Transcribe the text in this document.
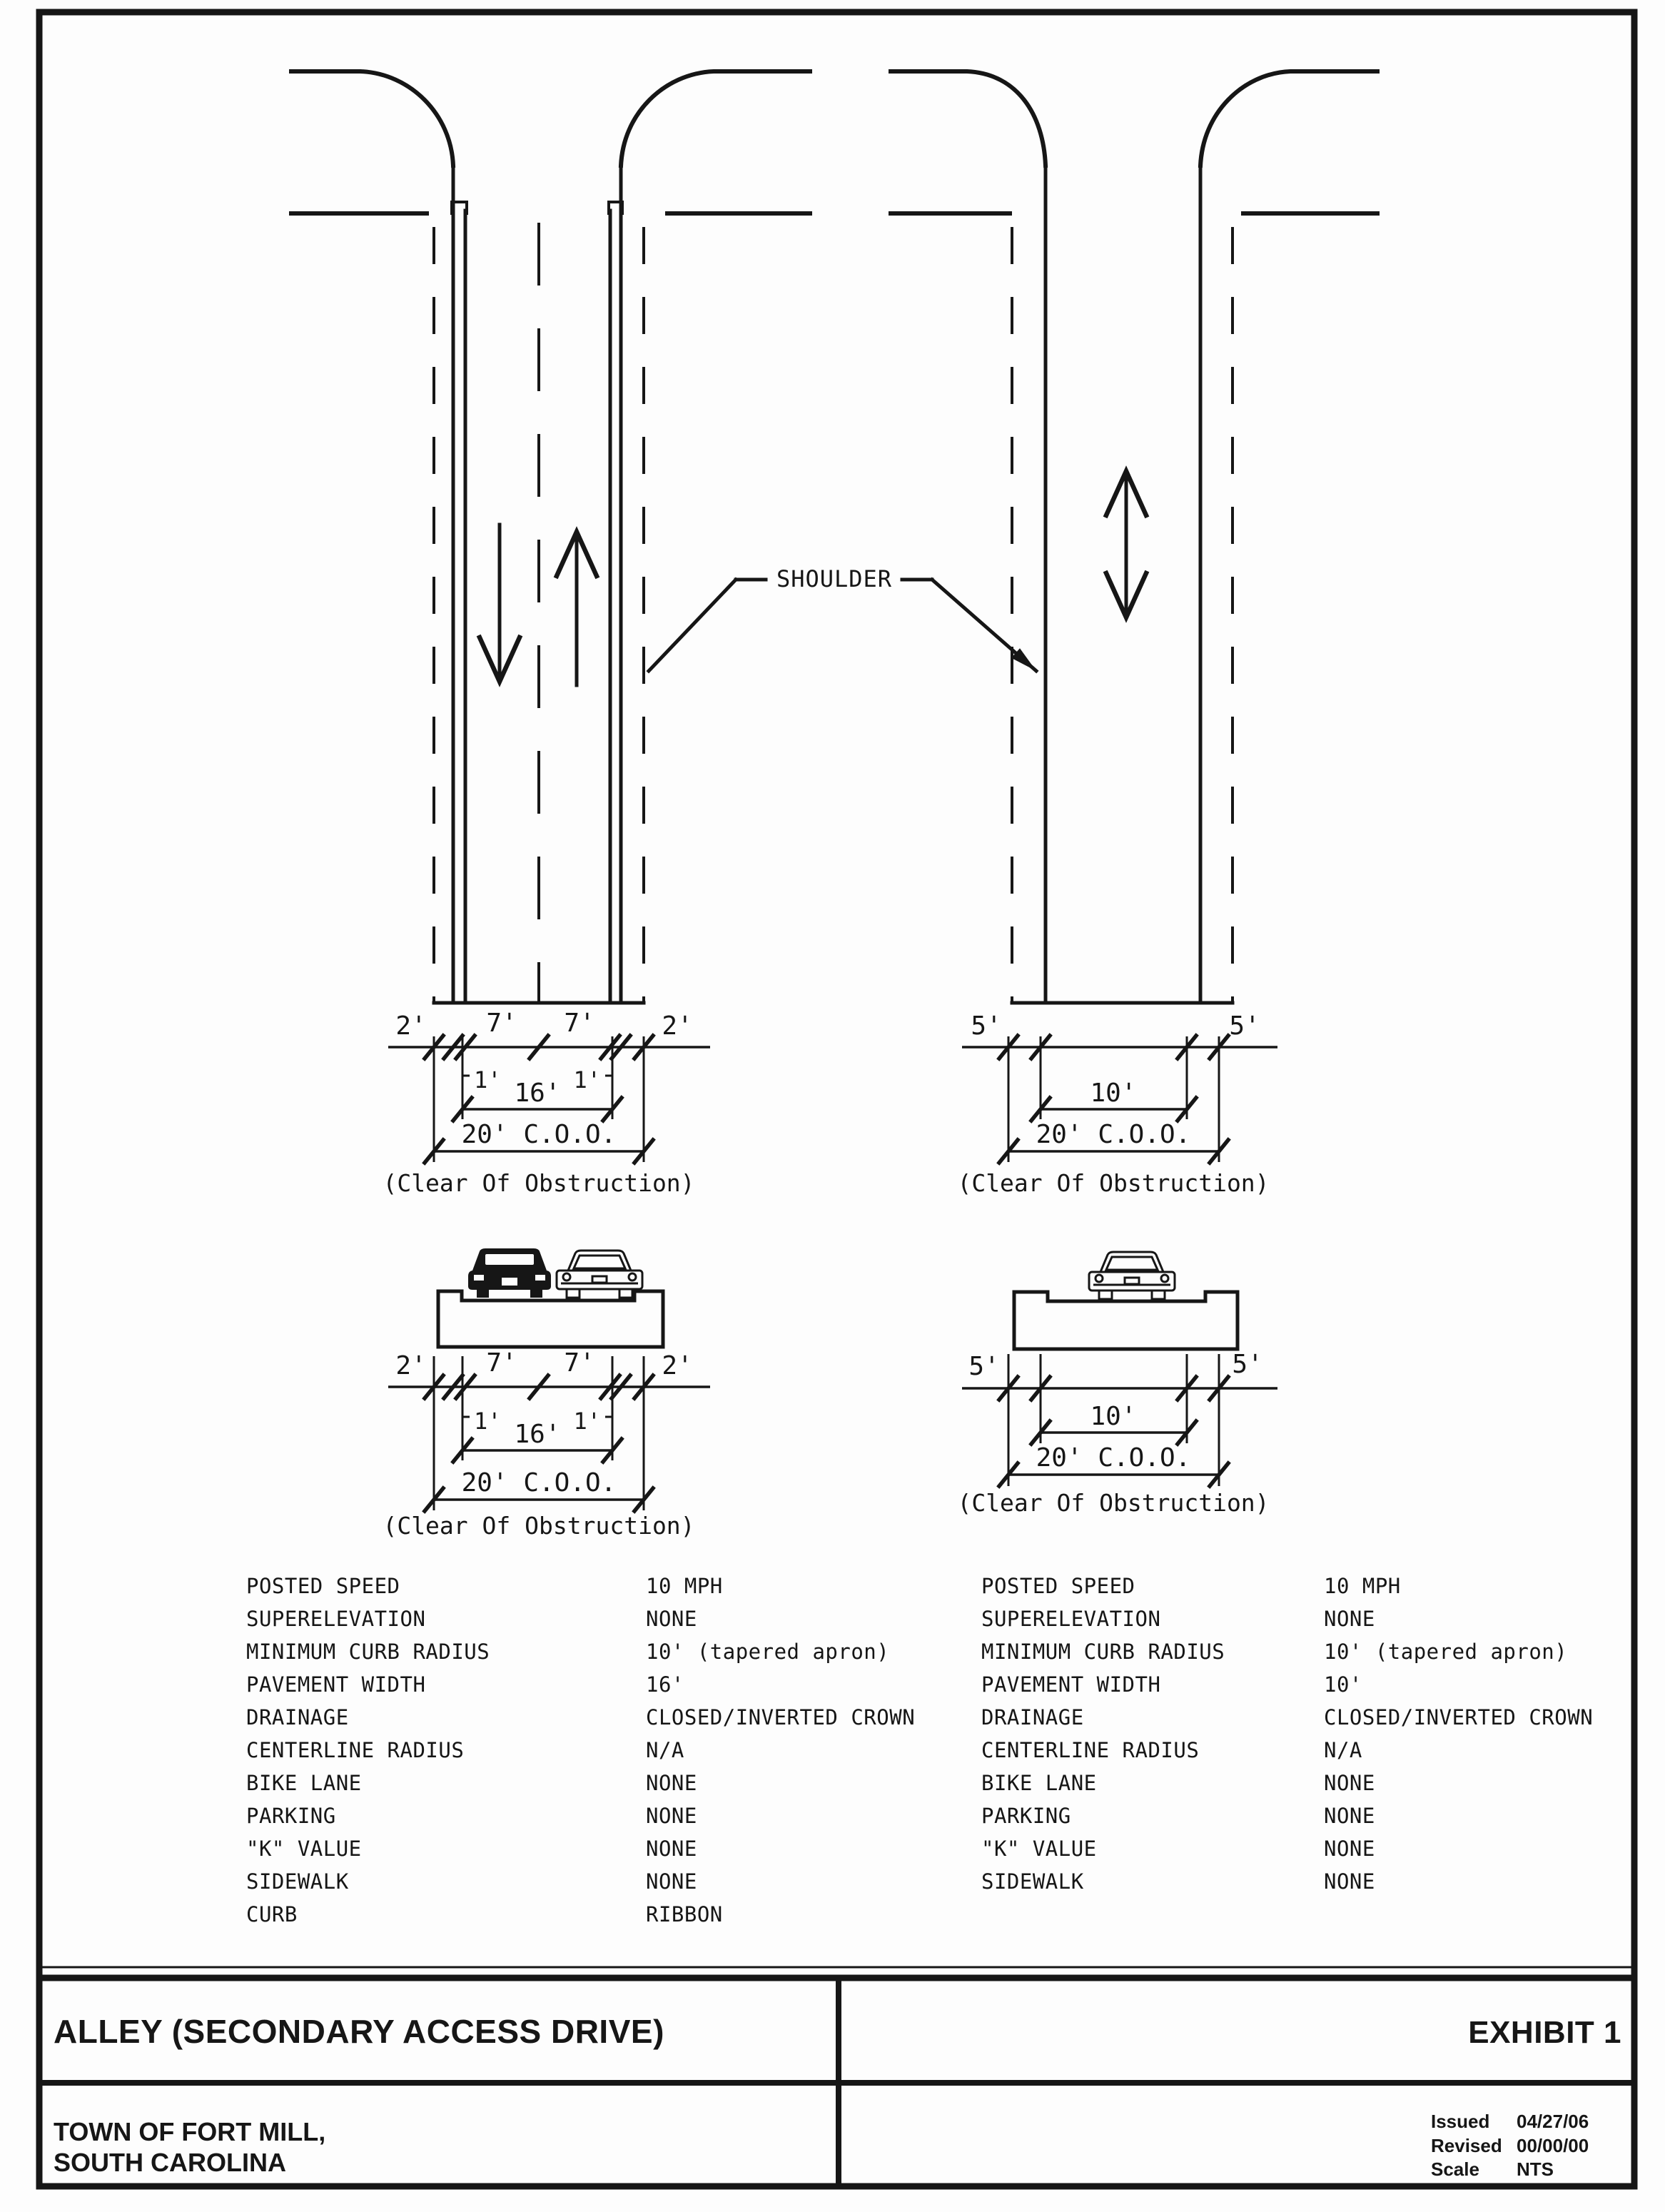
SHOULDER
2' 7' 7'	2'
1'	1'
16'
20' C.O.O.
(Clear Of Obstruction)
5'	5'
10'
20' C.O.O.
(Clear Of Obstruction)
2' 7' 7'	2'
1'	1'
16'
20' C.O.O.
(Clear Of Obstruction)
5'	5'
10'
20' C.O.O.
(Clear Of Obstruction)
POSTED SPEED	10 MPH
SUPERELEVATION	NONE
MINIMUM CURB RADIUS	10' (tapered apron)
PAVEMENT WIDTH	16'
DRAINAGE	CLOSED/INVERTED CROWN
CENTERLINE RADIUS	N/A
BIKE LANE	NONE
PARKING	NONE
"K" VALUE	NONE
SIDEWALK	NONE
CURB	RIBBON
POSTED SPEED	10 MPH
SUPERELEVATION	NONE
MINIMUM CURB RADIUS	10' (tapered apron)
PAVEMENT WIDTH	10'
DRAINAGE	CLOSED/INVERTED CROWN
CENTERLINE RADIUS	N/A
BIKE LANE	NONE
PARKING	NONE
"K" VALUE	NONE
SIDEWALK	NONE
ALLEY (SECONDARY ACCESS DRIVE)	EXHIBIT 1
TOWN OF FORT MILL,
SOUTH CAROLINA
Issued 04/27/06
Revised 00/00/00
Scale NTS
